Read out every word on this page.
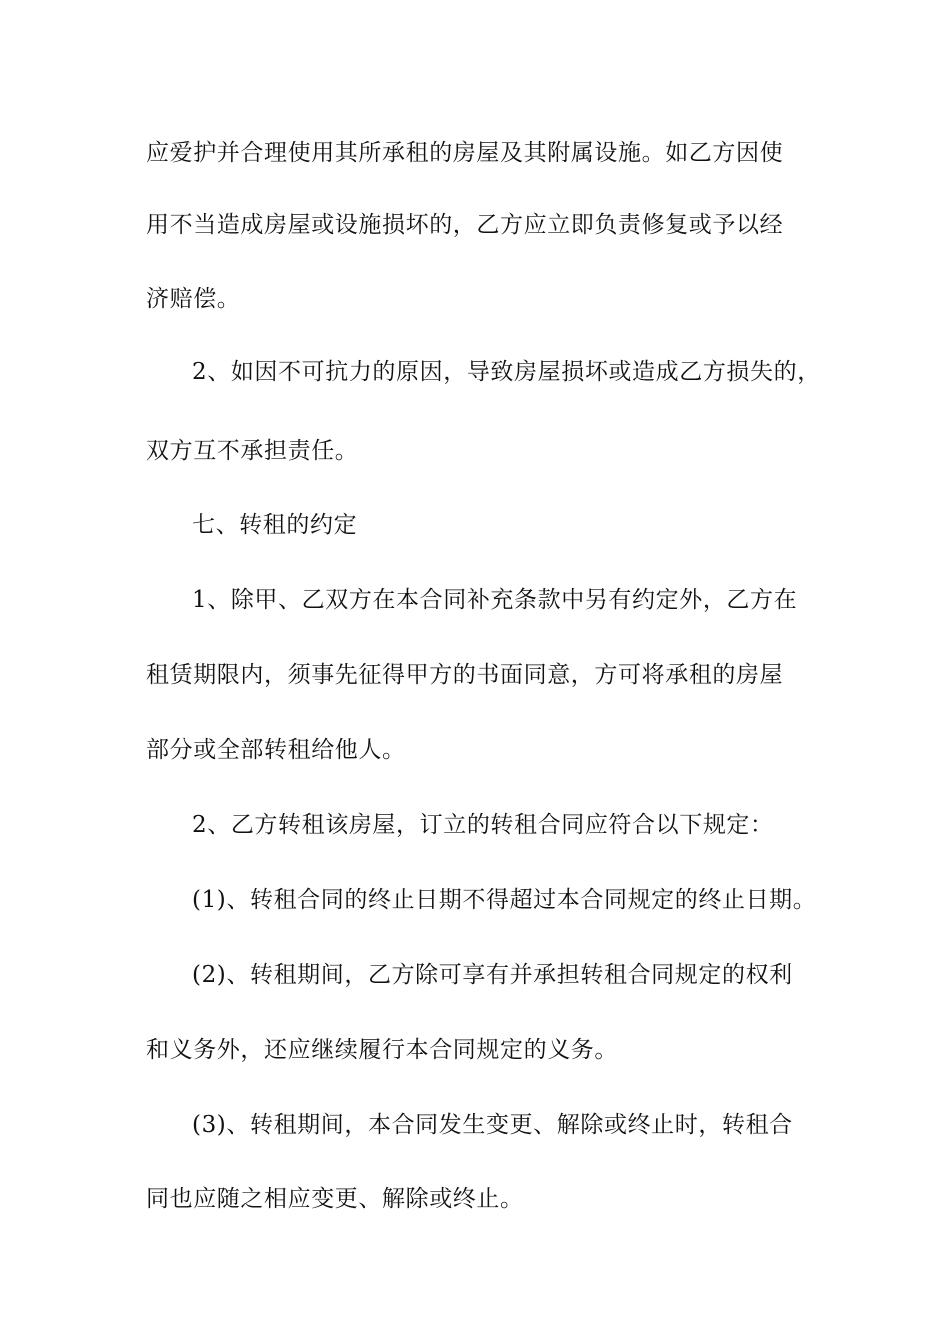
应爱护并合理使用其所承租的房屋及其附属设施。如乙方因使
用不当造成房屋或设施损坏的，乙方应立即负责修复或予以经
济赔偿。
2、如因不可抗力的原因，导致房屋损坏或造成乙方损失的，
双方互不承担责任。
七、转租的约定
1、除甲、乙双方在本合同补充条款中另有约定外，乙方在
租赁期限内，须事先征得甲方的书面同意，方可将承租的房屋
部分或全部转租给他人。
2、乙方转租该房屋，订立的转租合同应符合以下规定：
(1)、转租合同的终止日期不得超过本合同规定的终止日期。
(2)、转租期间，乙方除可享有并承担转租合同规定的权利
和义务外，还应继续履行本合同规定的义务。
(3)、转租期间，本合同发生变更、解除或终止时，转租合
同也应随之相应变更、解除或终止。
